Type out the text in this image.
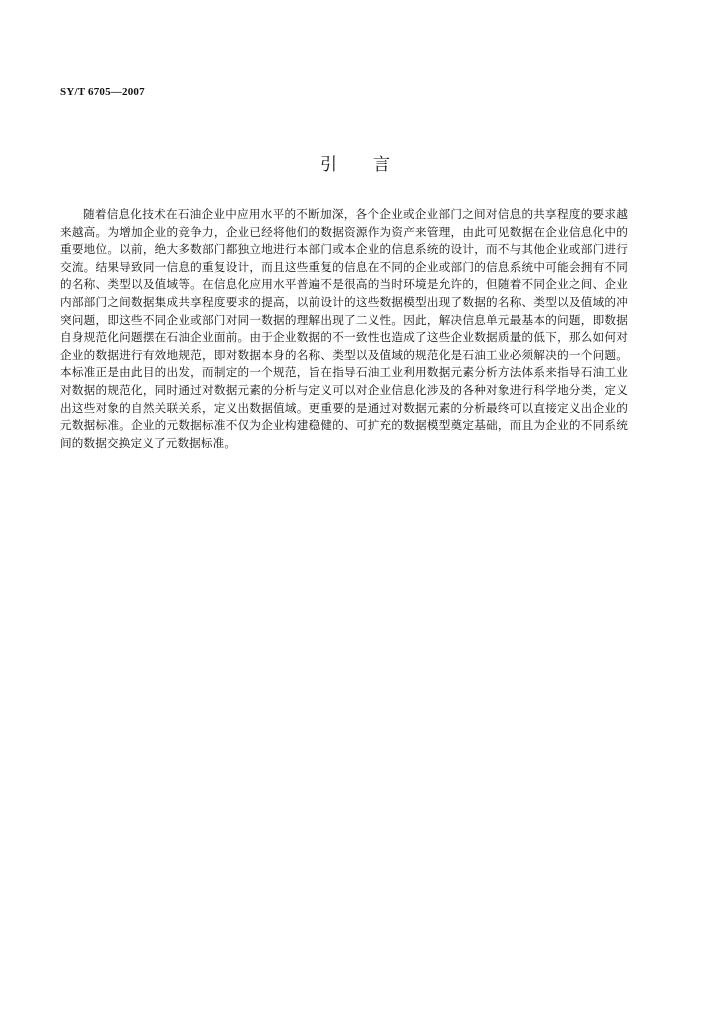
SY/T 6705—2007
引言

随着信息化技术在石油企业中应用水平的不断加深，各个企业或企业部门之间对信息的共享程度的要求越来越高。为增加企业的竞争力，企业已经将他们的数据资源作为资产来管理，由此可见数据在企业信息化中的重要地位。以前，绝大多数部门都独立地进行本部门或本企业的信息系统的设计，而不与其他企业或部门进行交流。结果导致同一信息的重复设计，而且这些重复的信息在不同的企业或部门的信息系统中可能会拥有不同的名称、类型以及值域等。在信息化应用水平普遍不是很高的当时环境是允许的，但随着不同企业之间、企业内部部门之间数据集成共享程度要求的提高，以前设计的这些数据模型出现了数据的名称、类型以及值域的冲突问题，即这些不同企业或部门对同一数据的理解出现了二义性。因此，解决信息单元最基本的问题，即数据自身规范化问题摆在石油企业面前。由于企业数据的不一致性也造成了这些企业数据质量的低下，那么如何对企业的数据进行有效地规范，即对数据本身的名称、类型以及值域的规范化是石油工业必须解决的一个问题。本标准正是由此目的出发，而制定的一个规范，旨在指导石油工业利用数据元素分析方法体系来指导石油工业对数据的规范化，同时通过对数据元素的分析与定义可以对企业信息化涉及的各种对象进行科学地分类，定义出这些对象的自然关联关系，定义出数据值域。更重要的是通过对数据元素的分析最终可以直接定义出企业的元数据标准。企业的元数据标准不仅为企业构建稳健的、可扩充的数据模型奠定基础，而且为企业的不同系统间的数据交换定义了元数据标准。
